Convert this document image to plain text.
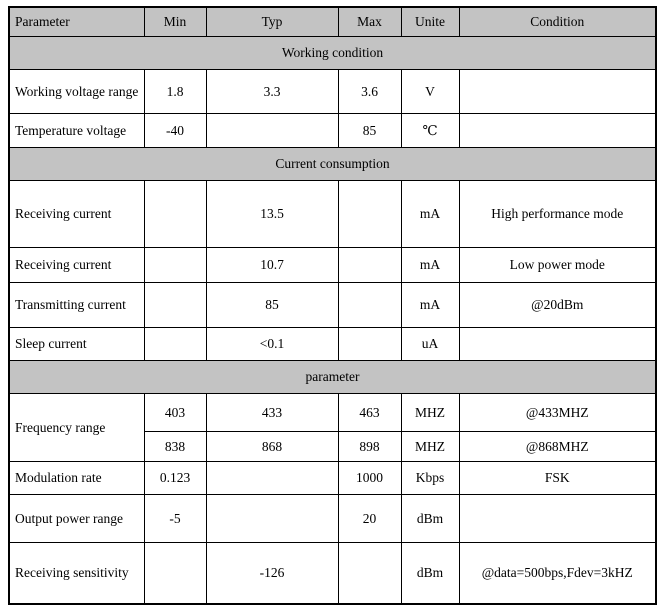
Parameter	Min	Typ	Max	Unite	Condition
Working condition					
Working voltage range	1.8	3.3	3.6	V	
Temperature voltage	-40		85	℃	
Current consumption					
Receiving current		13.5		mA	High performance mode
Receiving current		10.7		mA	Low power mode
Transmitting current		85		mA	@20dBm
Sleep current		<0.1		uA	
parameter					
Frequency range	403	433	463	MHZ	@433MHZ
	838	868	898	MHZ	@868MHZ
Modulation rate	0.123		1000	Kbps	FSK
Output power range	-5		20	dBm	
Receiving sensitivity		-126		dBm	@data=500bps,Fdev=3kHZ
